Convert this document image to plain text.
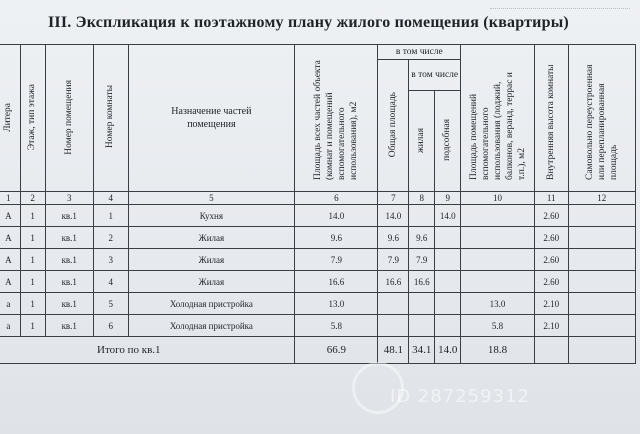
III. Экспликация к поэтажному плану жилого помещения (квартиры)
Литера	Этаж, тип этажа	Номер помещения	Номер комнаты	Назначение частей помещения	Площадь всех частей объекта (комнат и помещений вспомогательного использования), м2	в том числе			Площадь помещений вспомогательного использования (лоджий, балконов, веранд, террас и т.п.), м2	Внутренняя высота комнаты	Самовольно переустроенная или перепланированная площадь
						Общая площадь	в том числе				
							жилая	подсобная			
1	2	3	4	5	6	7	8	9	10	11	12
А	1	кв.1	1	Кухня	14.0	14.0		14.0		2.60	
А	1	кв.1	2	Жилая	9.6	9.6	9.6			2.60	
А	1	кв.1	3	Жилая	7.9	7.9	7.9			2.60	
А	1	кв.1	4	Жилая	16.6	16.6	16.6			2.60	
а	1	кв.1	5	Холодная пристройка	13.0				13.0	2.10	
а	1	кв.1	6	Холодная пристройка	5.8				5.8	2.10	
Итого по кв.1					66.9	48.1	34.1	14.0	18.8		
ID 287259312
